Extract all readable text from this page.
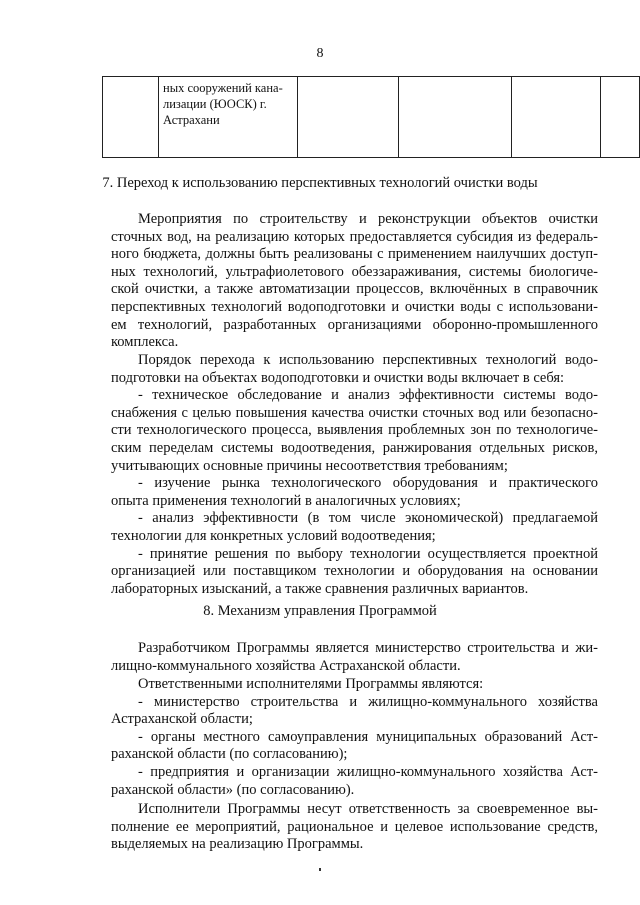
8

ных сооружений кана-
лизации (ЮОСК) г.
Астрахани

7. Переход к использованию перспективных технологий очистки воды
Мероприятия по строительству и реконструкции объектов очистки
сточных вод, на реализацию которых предоставляется субсидия из федераль-
ного бюджета, должны быть реализованы с применением наилучших доступ-
ных технологий, ультрафиолетового обеззараживания, системы биологиче-
ской очистки, а также автоматизации процессов, включённых в справочник
перспективных технологий водоподготовки и очистки воды с использовани-
ем технологий, разработанных организациями оборонно-промышленного
комплекса.
Порядок перехода к использованию перспективных технологий водо-
подготовки на объектах водоподготовки и очистки воды включает в себя:
- техническое обследование и анализ эффективности системы водо-
снабжения с целью повышения качества очистки сточных вод или безопасно-
сти технологического процесса, выявления проблемных зон по технологиче-
ским переделам системы водоотведения, ранжирования отдельных рисков,
учитывающих основные причины несоответствия требованиям;
- изучение рынка технологического оборудования и практического
опыта применения технологий в аналогичных условиях;
- анализ эффективности (в том числе экономической) предлагаемой
технологии для конкретных условий водоотведения;
- принятие решения по выбору технологии осуществляется проектной
организацией или поставщиком технологии и оборудования на основании
лабораторных изысканий, а также сравнения различных вариантов.
8. Механизм управления Программой
Разработчиком Программы является министерство строительства и жи-
лищно-коммунального хозяйства Астраханской области.
Ответственными исполнителями Программы являются:
- министерство строительства и жилищно-коммунального хозяйства
Астраханской области;
- органы местного самоуправления муниципальных образований Аст-
раханской области (по согласованию);
- предприятия и организации жилищно-коммунального хозяйства Аст-
раханской области» (по согласованию).
Исполнители Программы несут ответственность за своевременное вы-
полнение ее мероприятий, рациональное и целевое использование средств,
выделяемых на реализацию Программы.
